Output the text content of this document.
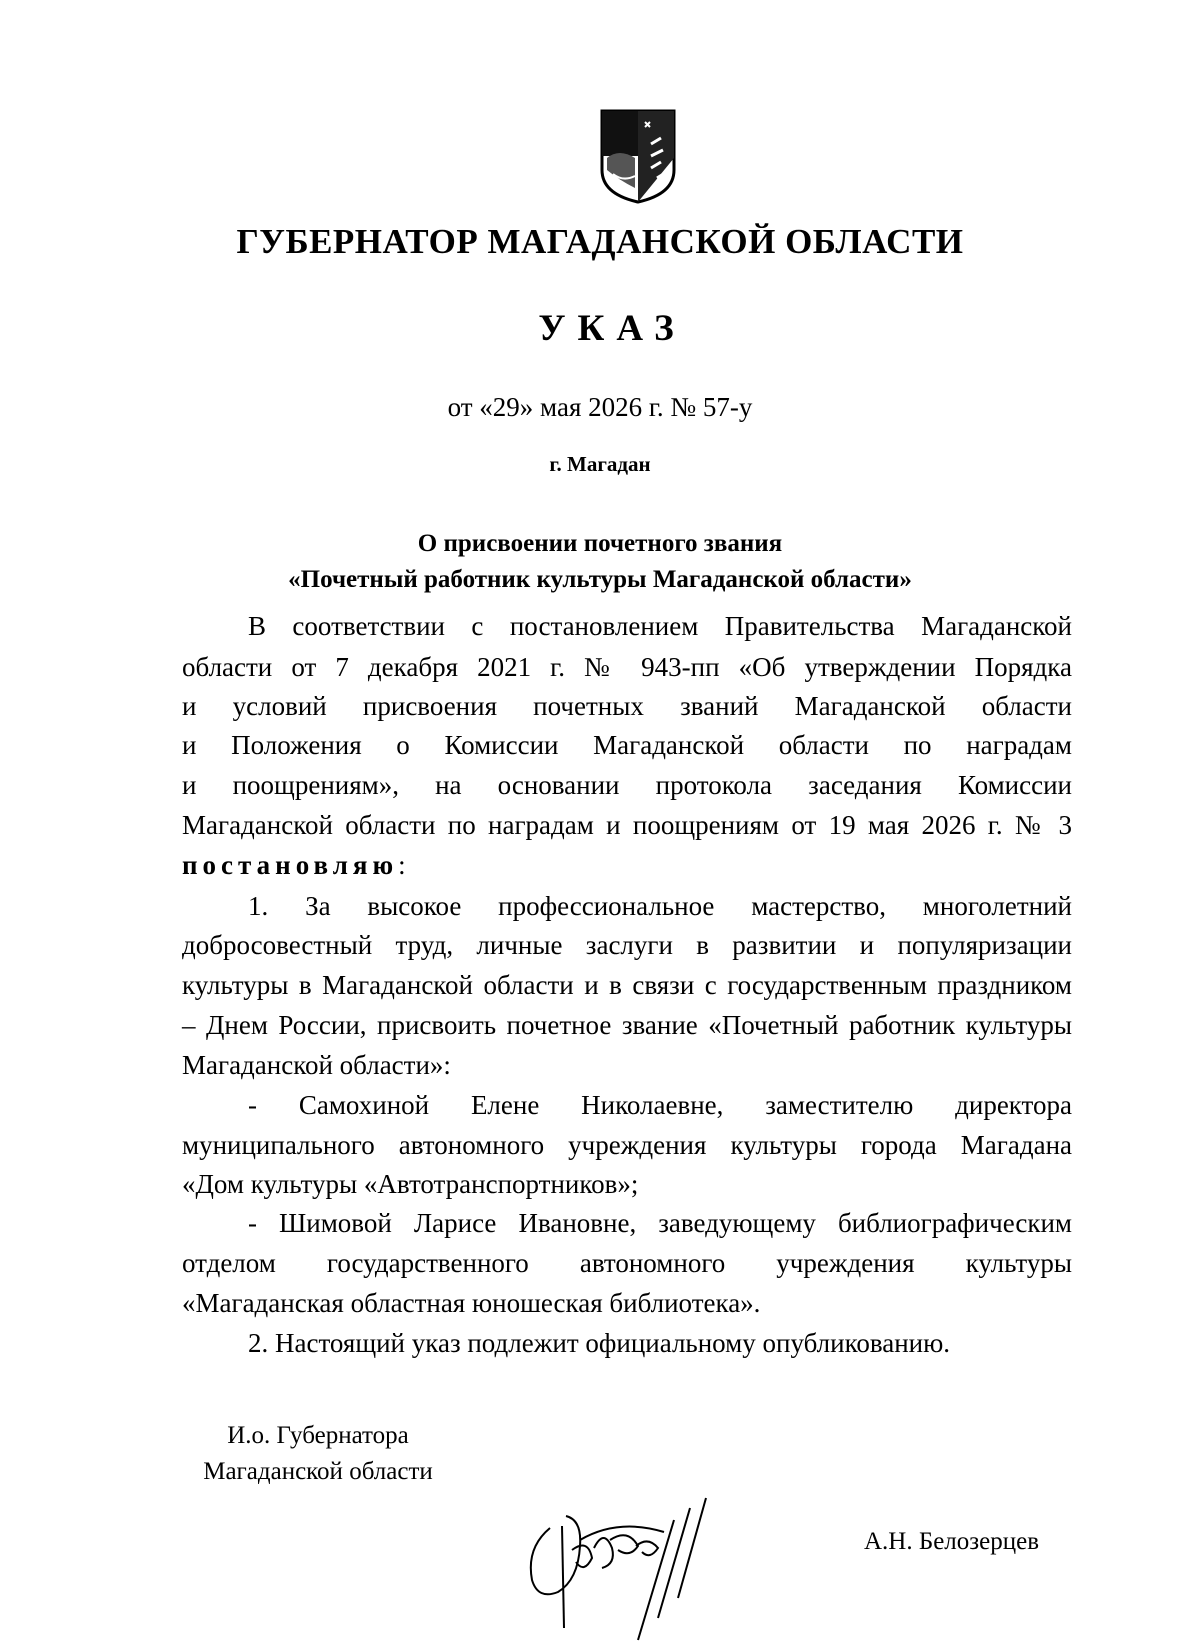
ГУБЕРНАТОР МАГАДАНСКОЙ ОБЛАСТИ
УКАЗ
от «29» мая 2026 г. № 57-у
г. Магадан
О присвоении почетного звания
«Почетный работник культуры Магаданской области»
В соответствии с постановлением Правительства Магаданской
области от 7 декабря 2021 г. № 943-пп «Об утверждении Порядка
и условий присвоения почетных званий Магаданской области
и Положения о Комиссии Магаданской области по наградам
и поощрениям», на основании протокола заседания Комиссии
Магаданской области по наградам и поощрениям от 19 мая 2026 г. № 3
постановляю:
1. За высокое профессиональное мастерство, многолетний
добросовестный труд, личные заслуги в развитии и популяризации
культуры в Магаданской области и в связи с государственным праздником
– Днем России, присвоить почетное звание «Почетный работник культуры
Магаданской области»:
- Самохиной Елене Николаевне, заместителю директора
муниципального автономного учреждения культуры города Магадана
«Дом культуры «Автотранспортников»;
- Шимовой Ларисе Ивановне, заведующему библиографическим
отделом государственного автономного учреждения культуры
«Магаданская областная юношеская библиотека».
2. Настоящий указ подлежит официальному опубликованию.
И.о. Губернатора
Магаданской области
А.Н. Белозерцев
